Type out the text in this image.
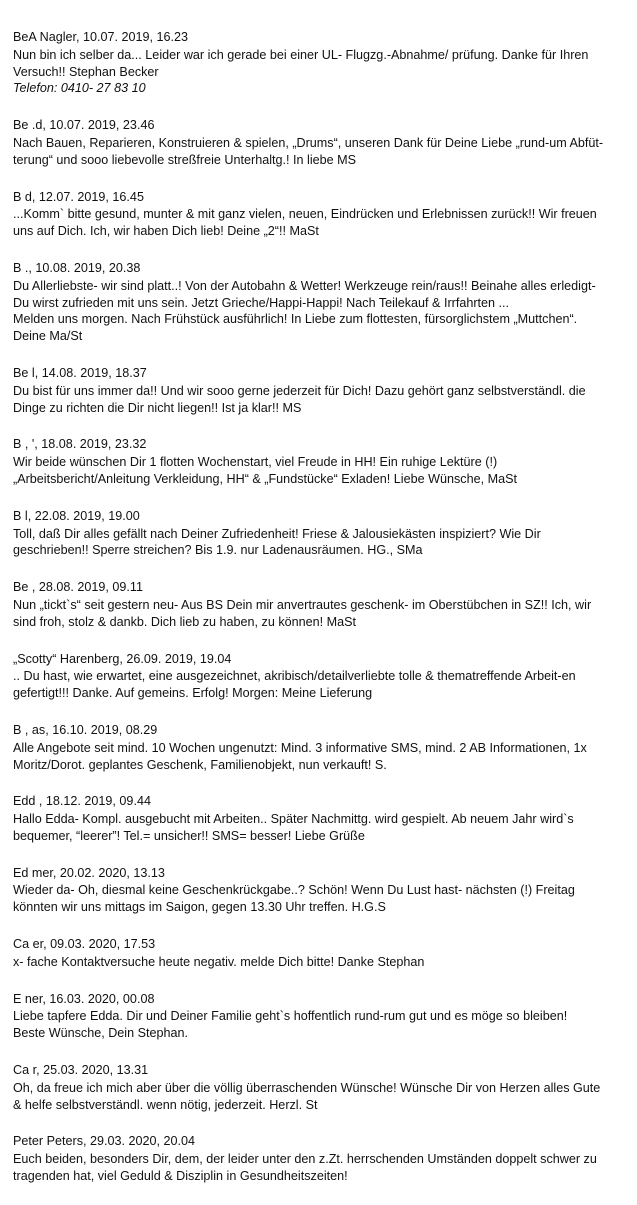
BeA Nagler, 10.07. 2019, 16.23
Nun bin ich selber da... Leider war ich gerade bei einer UL- Flugzg.-Abnahme/ prüfung. Danke für Ihren
Versuch!! Stephan Becker
Telefon: 0410- 27 83 10
Be .d, 10.07. 2019, 23.46
Nach Bauen, Reparieren, Konstruieren & spielen, „Drums“, unseren Dank für Deine Liebe „rund-um Abfüt-
terung“ und sooo liebevolle streßfreie Unterhaltg.! In liebe MS
B d, 12.07. 2019, 16.45
...Komm` bitte gesund, munter & mit ganz vielen, neuen, Eindrücken und Erlebnissen zurück!! Wir freuen
uns auf Dich. Ich, wir haben Dich lieb! Deine „2“!! MaSt
B ., 10.08. 2019, 20.38
Du Allerliebste- wir sind platt..! Von der Autobahn & Wetter! Werkzeuge rein/raus!! Beinahe alles erledigt-
Du wirst zufrieden mit uns sein. Jetzt Grieche/Happi-Happi! Nach Teilekauf & Irrfahrten ...
Melden uns morgen. Nach Frühstück ausführlich! In Liebe zum flottesten, fürsorglichstem „Muttchen“.
Deine Ma/St
Be l, 14.08. 2019, 18.37
Du bist für uns immer da!! Und wir sooo gerne jederzeit für Dich! Dazu gehört ganz selbstverständl. die
Dinge zu richten die Dir nicht liegen!! Ist ja klar!! MS
B , ', 18.08. 2019, 23.32
Wir beide wünschen Dir 1 flotten Wochenstart, viel Freude in HH! Ein ruhige Lektüre (!)
„Arbeitsbericht/Anleitung Verkleidung, HH“ & „Fundstücke“ Exladen! Liebe Wünsche, MaSt
B l, 22.08. 2019, 19.00
Toll, daß Dir alles gefällt nach Deiner Zufriedenheit! Friese & Jalousiekästen inspiziert? Wie Dir
geschrieben!! Sperre streichen? Bis 1.9. nur Ladenausräumen. HG., SMa
Be , 28.08. 2019, 09.11
Nun „tickt`s“ seit gestern neu- Aus BS Dein mir anvertrautes geschenk- im Oberstübchen in SZ!! Ich, wir
sind froh, stolz & dankb. Dich lieb zu haben, zu können! MaSt
„Scotty“ Harenberg, 26.09. 2019, 19.04
.. Du hast, wie erwartet, eine ausgezeichnet, akribisch/detailverliebte tolle & thematreffende Arbeit-en
gefertigt!!! Danke. Auf gemeins. Erfolg! Morgen: Meine Lieferung
B , as, 16.10. 2019, 08.29
Alle Angebote seit mind. 10 Wochen ungenutzt: Mind. 3 informative SMS, mind. 2 AB Informationen, 1x
Moritz/Dorot. geplantes Geschenk, Familienobjekt, nun verkauft! S.
Edd , 18.12. 2019, 09.44
Hallo Edda- Kompl. ausgebucht mit Arbeiten.. Später Nachmittg. wird gespielt. Ab neuem Jahr wird`s
bequemer, “leerer”! Tel.= unsicher!! SMS= besser! Liebe Grüße
Ed mer, 20.02. 2020, 13.13
Wieder da- Oh, diesmal keine Geschenkrückgabe..? Schön! Wenn Du Lust hast- nächsten (!) Freitag
könnten wir uns mittags im Saigon, gegen 13.30 Uhr treffen. H.G.S
Ca er, 09.03. 2020, 17.53
x- fache Kontaktversuche heute negativ. melde Dich bitte! Danke Stephan
E ner, 16.03. 2020, 00.08
Liebe tapfere Edda. Dir und Deiner Familie geht`s hoffentlich rund-rum gut und es möge so bleiben!
Beste Wünsche, Dein Stephan.
Ca r, 25.03. 2020, 13.31
Oh, da freue ich mich aber über die völlig überraschenden Wünsche! Wünsche Dir von Herzen alles Gute
& helfe selbstverständl. wenn nötig, jederzeit. Herzl. St
Peter Peters, 29.03. 2020, 20.04
Euch beiden, besonders Dir, dem, der leider unter den z.Zt. herrschenden Umständen doppelt schwer zu
tragenden hat, viel Geduld & Disziplin in Gesundheitszeiten!
